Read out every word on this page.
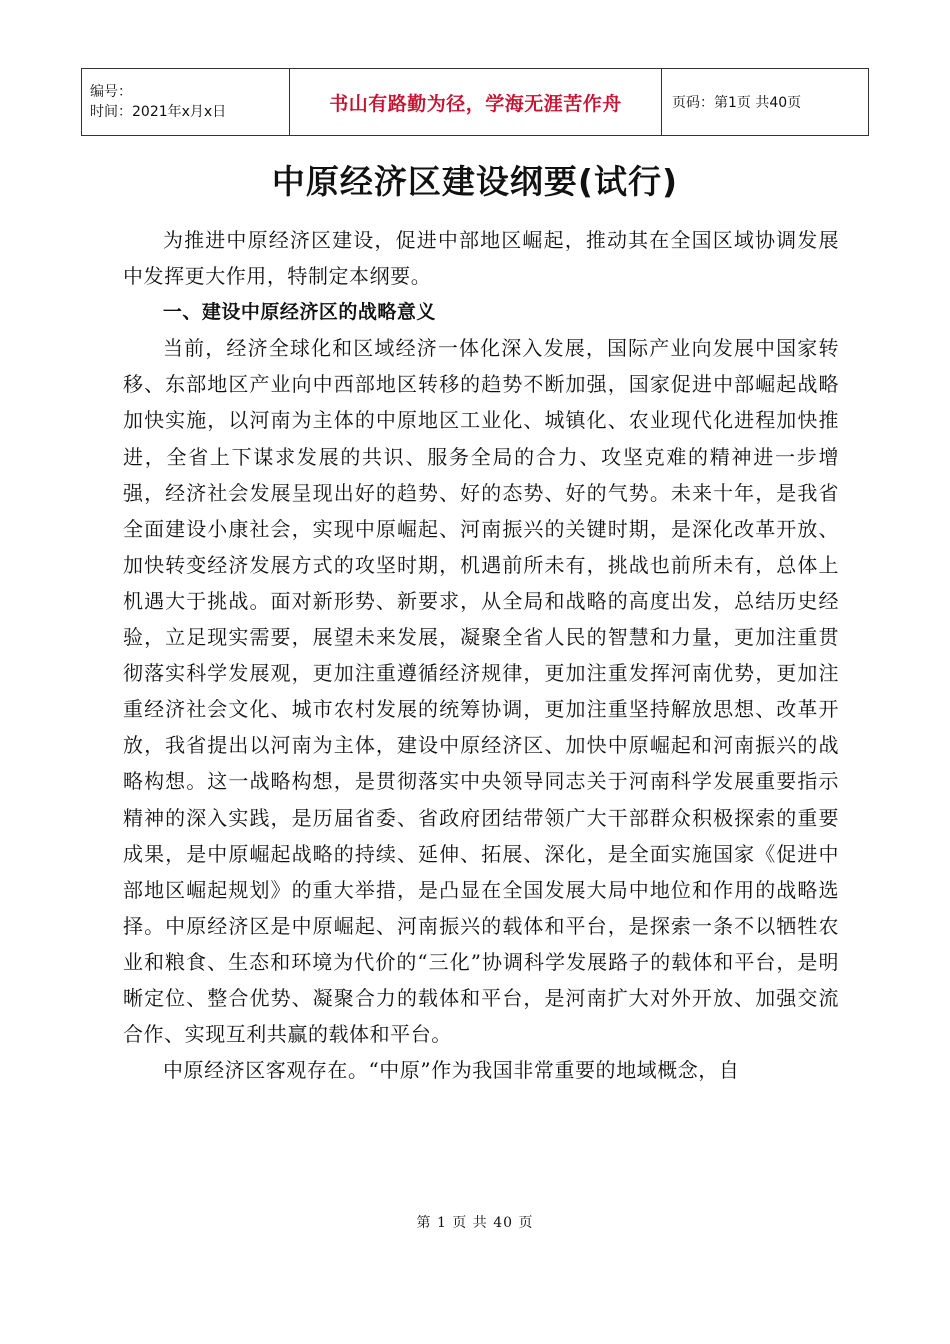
编号：
时间：2021年x月x日	书山有路勤为径，学海无涯苦作舟	页码：第1页 共40页
中原经济区建设纲要(试行)

为推进中原经济区建设，促进中部地区崛起，推动其在全国区域协调发展中发挥更大作用，特制定本纲要。

一、建设中原经济区的战略意义

当前，经济全球化和区域经济一体化深入发展，国际产业向发展中国家转移、东部地区产业向中西部地区转移的趋势不断加强，国家促进中部崛起战略加快实施，以河南为主体的中原地区工业化、城镇化、农业现代化进程加快推进，全省上下谋求发展的共识、服务全局的合力、攻坚克难的精神进一步增强，经济社会发展呈现出好的趋势、好的态势、好的气势。未来十年，是我省全面建设小康社会，实现中原崛起、河南振兴的关键时期，是深化改革开放、加快转变经济发展方式的攻坚时期，机遇前所未有，挑战也前所未有，总体上机遇大于挑战。面对新形势、新要求，从全局和战略的高度出发，总结历史经验，立足现实需要，展望未来发展，凝聚全省人民的智慧和力量，更加注重贯彻落实科学发展观，更加注重遵循经济规律，更加注重发挥河南优势，更加注重经济社会文化、城市农村发展的统筹协调，更加注重坚持解放思想、改革开放，我省提出以河南为主体，建设中原经济区、加快中原崛起和河南振兴的战略构想。这一战略构想，是贯彻落实中央领导同志关于河南科学发展重要指示精神的深入实践，是历届省委、省政府团结带领广大干部群众积极探索的重要成果，是中原崛起战略的持续、延伸、拓展、深化，是全面实施国家《促进中部地区崛起规划》的重大举措，是凸显在全国发展大局中地位和作用的战略选择。中原经济区是中原崛起、河南振兴的载体和平台，是探索一条不以牺牲农业和粮食、生态和环境为代价的“三化”协调科学发展路子的载体和平台，是明晰定位、整合优势、凝聚合力的载体和平台，是河南扩大对外开放、加强交流合作、实现互利共赢的载体和平台。

中原经济区客观存在。“中原”作为我国非常重要的地域概念，自

第 1 页 共 40 页
